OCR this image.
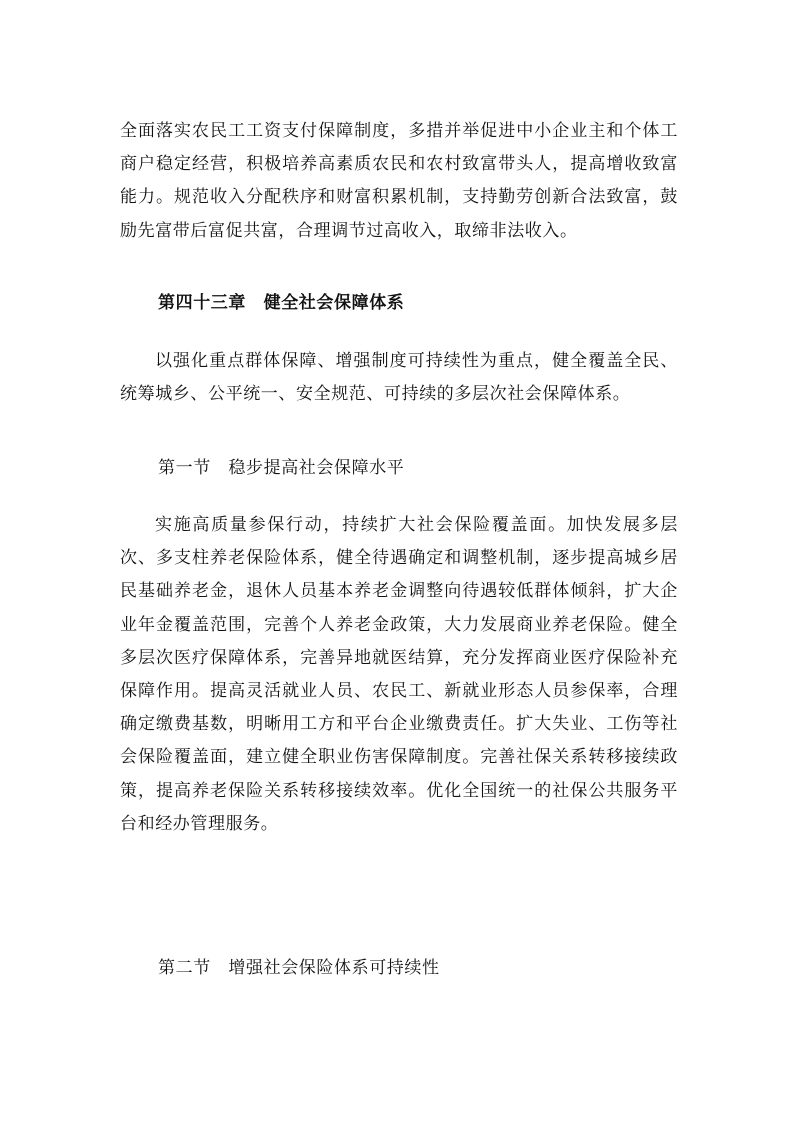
全面落实农民工工资支付保障制度，多措并举促进中小企业主和个体工商户稳定经营，积极培养高素质农民和农村致富带头人，提高增收致富能力。规范收入分配秩序和财富积累机制，支持勤劳创新合法致富，鼓励先富带后富促共富，合理调节过高收入，取缔非法收入。

第四十三章　健全社会保障体系

以强化重点群体保障、增强制度可持续性为重点，健全覆盖全民、统筹城乡、公平统一、安全规范、可持续的多层次社会保障体系。

第一节　稳步提高社会保障水平

实施高质量参保行动，持续扩大社会保险覆盖面。加快发展多层次、多支柱养老保险体系，健全待遇确定和调整机制，逐步提高城乡居民基础养老金，退休人员基本养老金调整向待遇较低群体倾斜，扩大企业年金覆盖范围，完善个人养老金政策，大力发展商业养老保险。健全多层次医疗保障体系，完善异地就医结算，充分发挥商业医疗保险补充保障作用。提高灵活就业人员、农民工、新就业形态人员参保率，合理确定缴费基数，明晰用工方和平台企业缴费责任。扩大失业、工伤等社会保险覆盖面，建立健全职业伤害保障制度。完善社保关系转移接续政策，提高养老保险关系转移接续效率。优化全国统一的社保公共服务平台和经办管理服务。

第二节　增强社会保险体系可持续性
